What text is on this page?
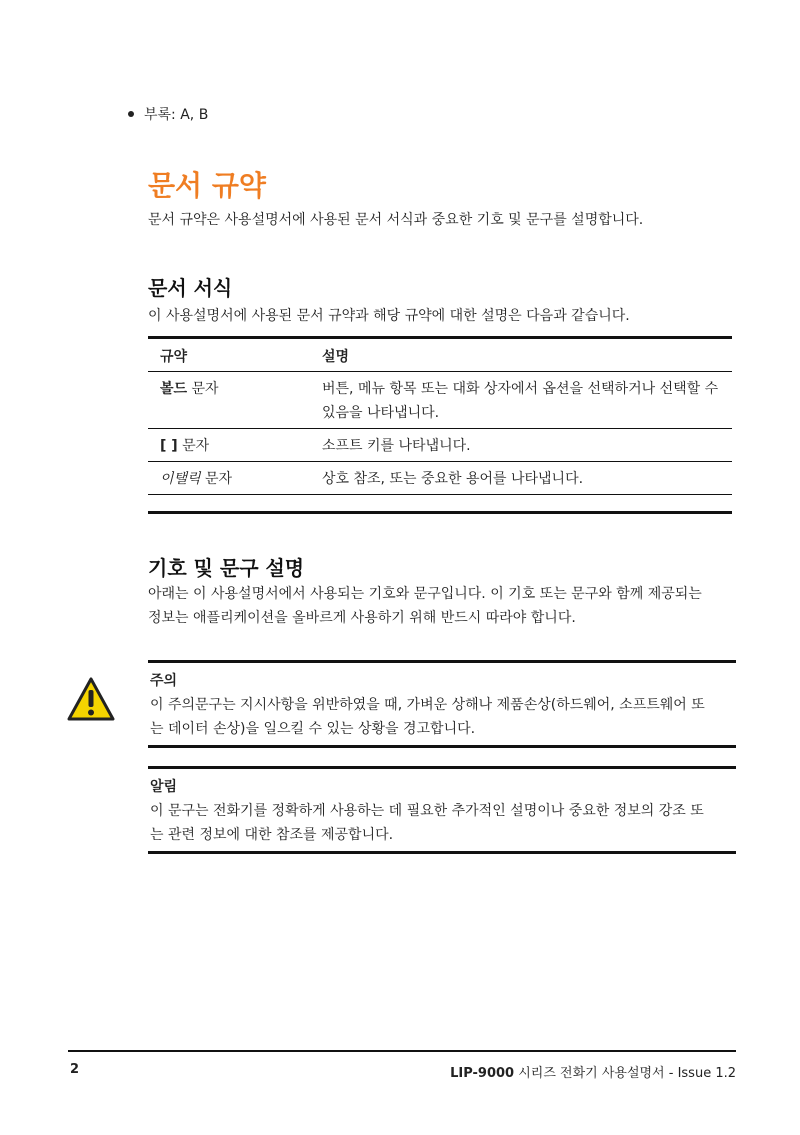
부록: A, B
문서 규약
문서 규약은 사용설명서에 사용된 문서 서식과 중요한 기호 및 문구를 설명합니다.
문서 서식
이 사용설명서에 사용된 문서 규약과 해당 규약에 대한 설명은 다음과 같습니다.
규약	설명
볼드 문자	버튼, 메뉴 항목 또는 대화 상자에서 옵션을 선택하거나 선택할 수 있음을 나타냅니다.
[ ] 문자	소프트 키를 나타냅니다.
이탤릭 문자	상호 참조, 또는 중요한 용어를 나타냅니다.

기호 및 문구 설명
아래는 이 사용설명서에서 사용되는 기호와 문구입니다. 이 기호 또는 문구와 함께 제공되는 정보는 애플리케이션을 올바르게 사용하기 위해 반드시 따라야 합니다.
주의
이 주의문구는 지시사항을 위반하였을 때, 가벼운 상해나 제품손상(하드웨어, 소프트웨어 또는 데이터 손상)을 일으킬 수 있는 상황을 경고합니다.
알림
이 문구는 전화기를 정확하게 사용하는 데 필요한 추가적인 설명이나 중요한 정보의 강조 또는 관련 정보에 대한 참조를 제공합니다.
2	LIP-9000 시리즈 전화기 사용설명서 - Issue 1.2
